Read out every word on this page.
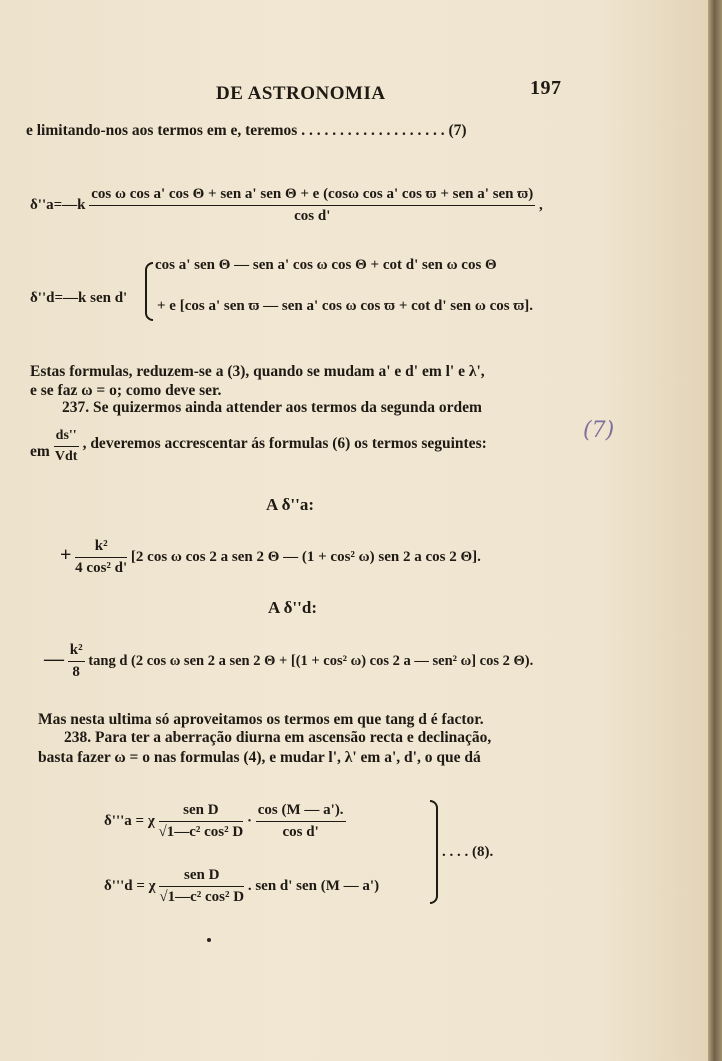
DE ASTRONOMIA	197
e limitando-nos aos termos em e, teremos . . . . . . . . . . . . . . . . . . . (7)
δ''a=—k
cos ω cos a' cos Θ + sen a' sen Θ + e (cosω cos a' cos ϖ + sen a' sen ϖ)
cos d'
,
δ''d=—k sen d'
cos a' sen Θ — sen a' cos ω cos Θ + cot d' sen ω cos Θ
+ e [cos a' sen ϖ — sen a' cos ω cos ϖ + cot d' sen ω cos ϖ].
Estas formulas, reduzem-se a (3), quando se mudam a' e d' em l' e λ',
e se faz ω = o; como deve ser.
237. Se quizermos ainda attender aos termos da segunda ordem
em $\frac{ds''}{\text{Vdt}}$ , deveremos accrescentar ás formulas (6) os termos seguintes:
(7)
A δ''a:
+ $\frac{\text{k²}}{\text{4 cos² d'}} [2$ cos ω cos 2 a sen 2 Θ — (1 + cos² ω) sen 2 a cos 2 Θ].
A δ''d:
— $\frac{\text{k²}}{8}$ tang d (2 cos ω sen 2 a sen 2 Θ + [(1 + cos² ω) cos 2 a — sen² ω] cos 2 Θ).
Mas nesta ultima só aproveitamos os termos em que tang d é factor.
238. Para ter a aberração diurna em ascensão recta e declinação,
basta fazer ω = o nas formulas (4), e mudar l', λ' em a', d', o que dá
δ'''a = χ $\frac{\text{sen D}}{\text{√1—c² cos² D}} \cdot \frac{\cos (M — a').}{\text{cos d'}}$
δ'''d = χ $\frac{\text{sen D}}{\text{√1—c² cos² D}}$ . sen d' sen (M — a')
. . . . (8).
